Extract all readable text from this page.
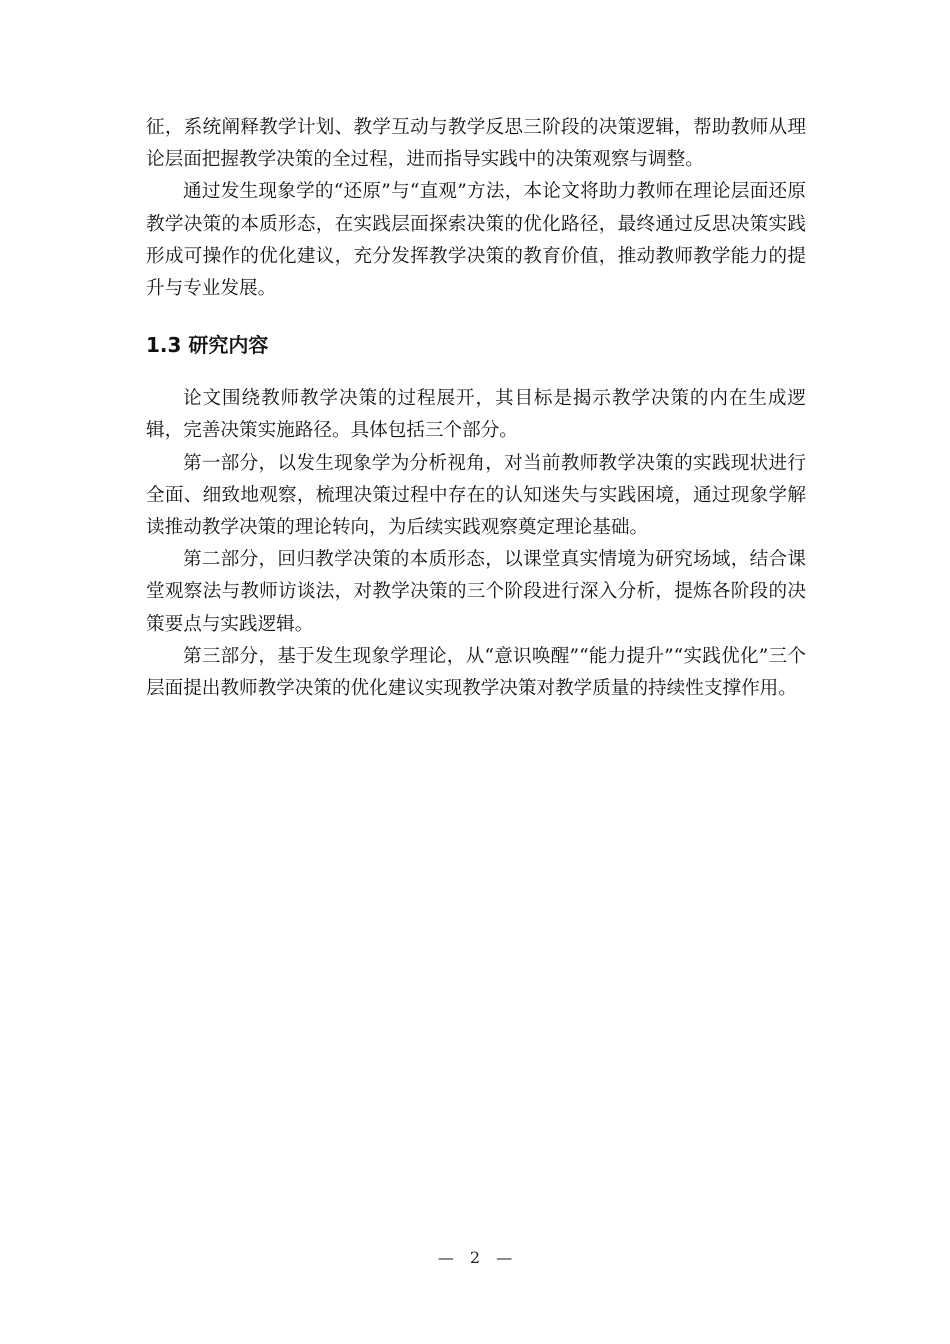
征，系统阐释教学计划、教学互动与教学反思三阶段的决策逻辑，帮助教师从理论层面把握教学决策的全过程，进而指导实践中的决策观察与调整。

通过发生现象学的“还原”与“直观”方法，本论文将助力教师在理论层面还原教学决策的本质形态，在实践层面探索决策的优化路径，最终通过反思决策实践形成可操作的优化建议，充分发挥教学决策的教育价值，推动教师教学能力的提升与专业发展。

1.3 研究内容

论文围绕教师教学决策的过程展开，其目标是揭示教学决策的内在生成逻辑，完善决策实施路径。具体包括三个部分。

第一部分，以发生现象学为分析视角，对当前教师教学决策的实践现状进行全面、细致地观察，梳理决策过程中存在的认知迷失与实践困境，通过现象学解读推动教学决策的理论转向，为后续实践观察奠定理论基础。

第二部分，回归教学决策的本质形态，以课堂真实情境为研究场域，结合课堂观察法与教师访谈法，对教学决策的三个阶段进行深入分析，提炼各阶段的决策要点与实践逻辑。

第三部分，基于发生现象学理论，从“意识唤醒”“能力提升”“实践优化”三个层面提出教师教学决策的优化建议实现教学决策对教学质量的持续性支撑作用。

— 2 —
